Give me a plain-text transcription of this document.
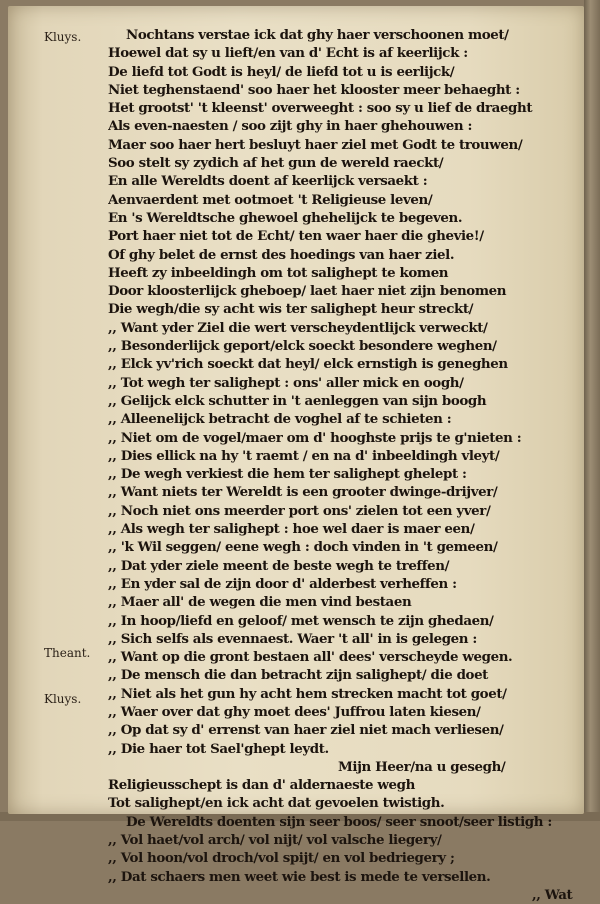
Kluys.
Theant.
Kluys.
Nochtans verstae ick dat ghy haer verschoonen moet/
Hoewel dat sy u lieft/en van d' Echt is af keerlijck :
De liefd tot Godt is heyl/ de liefd tot u is eerlijck/
Niet teghenstaend' soo haer het klooster meer behaeght :
Het grootst' 't kleenst' overweeght : soo sy u lief de draeght
Als even-naesten / soo zijt ghy in haer ghehouwen :
Maer soo haer hert besluyt haer ziel met Godt te trouwen/
Soo stelt sy zydich af het gun de wereld raeckt/
En alle Wereldts doent af keerlijck versaekt :
Aenvaerdent met ootmoet 't Religieuse leven/
En 's Wereldtsche ghewoel ghehelijck te begeven.
Port haer niet tot de Echt/ ten waer haer die ghevie!/
Of ghy belet de ernst des hoedings van haer ziel.
Heeft zy inbeeldingh om tot salighept te komen
Door kloosterlijck gheboep/ laet haer niet zijn benomen
Die wegh/die sy acht wis ter salighept heur streckt/
,, Want yder Ziel die wert verscheydentlijck verweckt/
,, Besonderlijck geport/elck soeckt besondere weghen/
,, Elck yv'rich soeckt dat heyl/ elck ernstigh is geneghen
,, Tot wegh ter salighept : ons' aller mick en oogh/
,, Gelijck elck schutter in 't aenleggen van sijn boogh
,, Alleenelijck betracht de voghel af te schieten :
,, Niet om de vogel/maer om d' hooghste prijs te g'nieten :
,, Dies ellick na hy 't raemt / en na d' inbeeldingh vleyt/
,, De wegh verkiest die hem ter salighept ghelept :
,, Want niets ter Wereldt is een grooter dwinge-drijver/
,, Noch niet ons meerder port ons' zielen tot een yver/
,, Als wegh ter salighept : hoe wel daer is maer een/
,, 'k Wil seggen/ eene wegh : doch vinden in 't gemeen/
,, Dat yder ziele meent de beste wegh te treffen/
,, En yder sal de zijn door d' alderbest verheffen :
,, Maer all' de wegen die men vind bestaen
,, In hoop/liefd en geloof/ met wensch te zijn ghedaen/
,, Sich selfs als evennaest. Waer 't all' in is gelegen :
,, Want op die gront bestaen all' dees' verscheyde wegen.
,, De mensch die dan betracht zijn salighept/ die doet
,, Niet als het gun hy acht hem strecken macht tot goet/
,, Waer over dat ghy moet dees' Juffrou laten kiesen/
,, Op dat sy d' errenst van haer ziel niet mach verliesen/
,, Die haer tot Sael'ghept leydt.
Mijn Heer/na u gesegh/
Religieusschept is dan d' aldernaeste wegh
Tot salighept/en ick acht dat gevoelen twistigh.
De Wereldts doenten sijn seer boos/ seer snoot/seer listigh :
,, Vol haet/vol arch/ vol nijt/ vol valsche liegery/
,, Vol hoon/vol droch/vol spijt/ en vol bedriegery ;
,, Dat schaers men weet wie best is mede te versellen.
,, Wat
